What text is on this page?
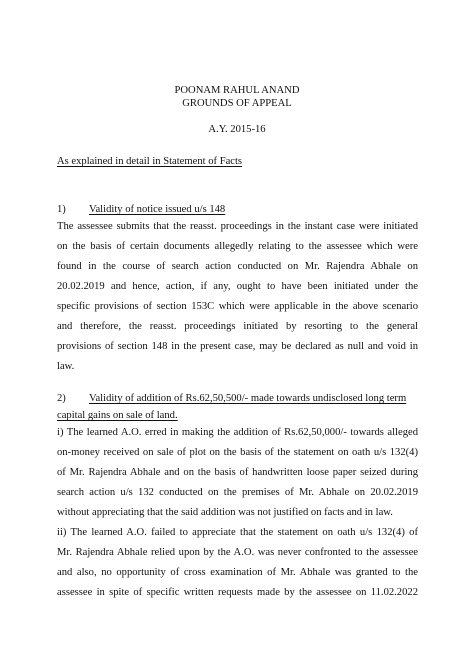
POONAM RAHUL ANAND
GROUNDS OF APPEAL
A.Y. 2015-16
As explained in detail in Statement of Facts
1) Validity of notice issued u/s 148
The assessee submits that the reasst. proceedings in the instant case were initiated
on the basis of certain documents allegedly relating to the assessee which were
found in the course of search action conducted on Mr. Rajendra Abhale on
20.02.2019 and hence, action, if any, ought to have been initiated under the
specific provisions of section 153C which were applicable in the above scenario
and therefore, the reasst. proceedings initiated by resorting to the general
provisions of section 148 in the present case, may be declared as null and void in
law.
2) Validity of addition of Rs.62,50,500/- made towards undisclosed long term
capital gains on sale of land.
i) The learned A.O. erred in making the addition of Rs.62,50,000/- towards alleged
on-money received on sale of plot on the basis of the statement on oath u/s 132(4)
of Mr. Rajendra Abhale and on the basis of handwritten loose paper seized during
search action u/s 132 conducted on the premises of Mr. Abhale on 20.02.2019
without appreciating that the said addition was not justified on facts and in law.
ii) The learned A.O. failed to appreciate that the statement on oath u/s 132(4) of
Mr. Rajendra Abhale relied upon by the A.O. was never confronted to the assessee
and also, no opportunity of cross examination of Mr. Abhale was granted to the
assessee in spite of specific written requests made by the assessee on 11.02.2022
